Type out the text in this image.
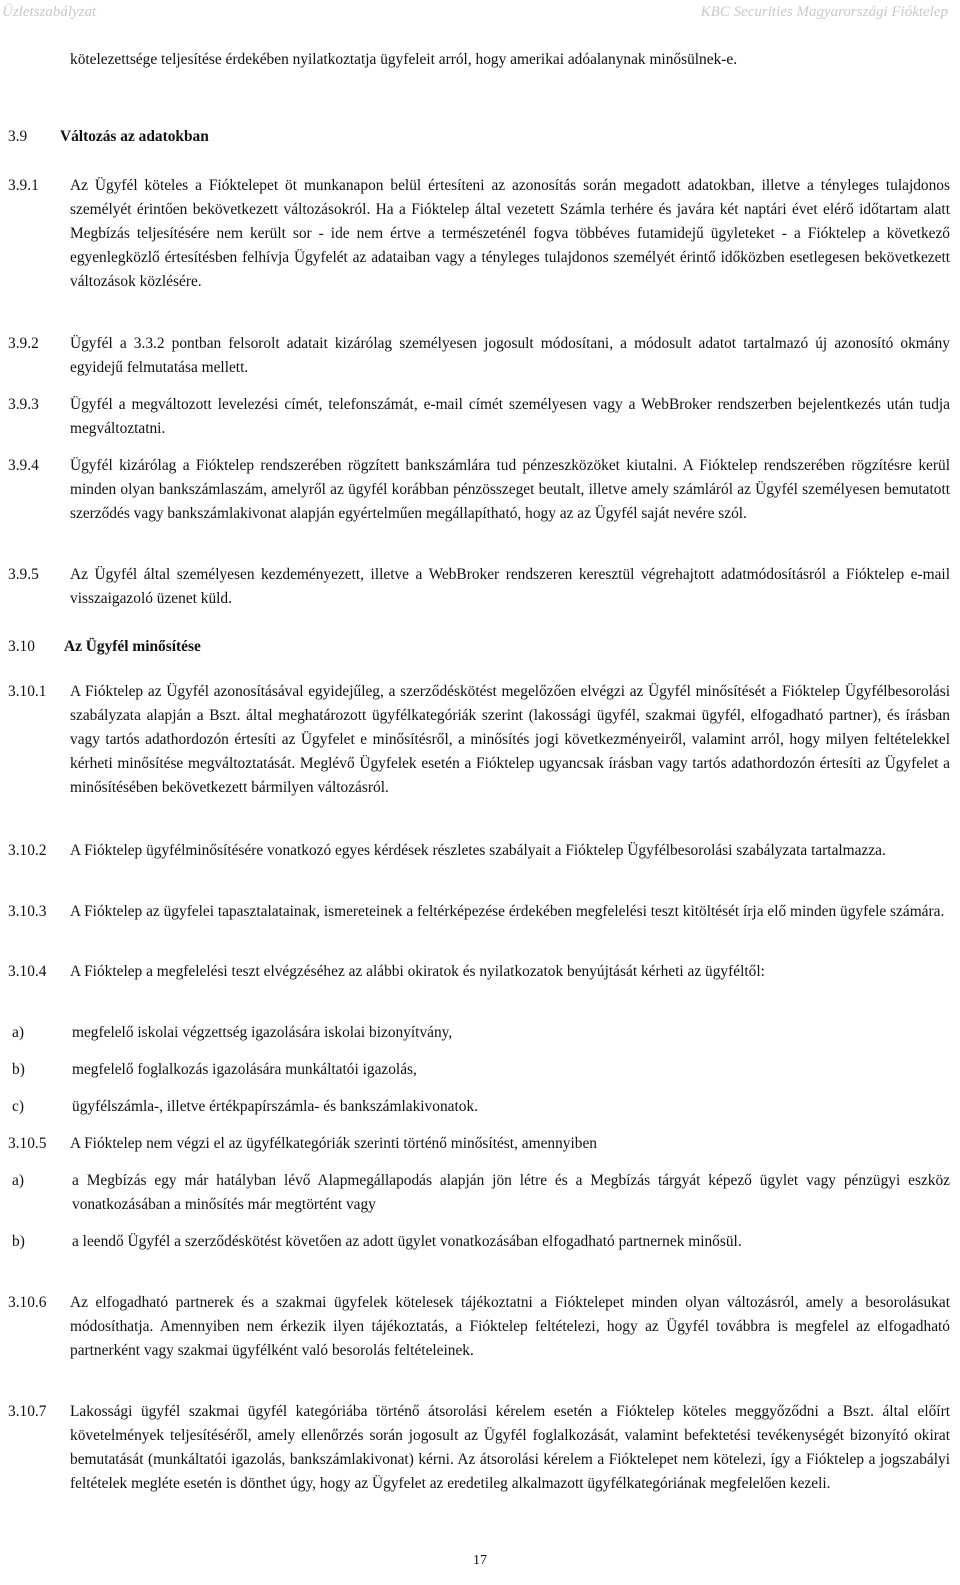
Üzletszabályzat	KBC Securities Magyarországi Fióktelep
kötelezettsége teljesítése érdekében nyilatkoztatja ügyfeleit arról, hogy amerikai adóalanynak minősülnek-e.
3.9 Változás az adatokban
3.9.1 Az Ügyfél köteles a Fióktelepet öt munkanapon belül értesíteni az azonosítás során megadott adatokban, illetve a tényleges tulajdonos személyét érintően bekövetkezett változásokról. Ha a Fióktelep által vezetett Számla terhére és javára két naptári évet elérő időtartam alatt Megbízás teljesítésére nem került sor - ide nem értve a természeténél fogva többéves futamidejű ügyleteket - a Fióktelep a következő egyenlegközlő értesítésben felhívja Ügyfelét az adataiban vagy a tényleges tulajdonos személyét érintő időközben esetlegesen bekövetkezett változások közlésére.
3.9.2 Ügyfél a 3.3.2 pontban felsorolt adatait kizárólag személyesen jogosult módosítani, a módosult adatot tartalmazó új azonosító okmány egyidejű felmutatása mellett.
3.9.3 Ügyfél a megváltozott levelezési címét, telefonszámát, e-mail címét személyesen vagy a WebBroker rendszerben bejelentkezés után tudja megváltoztatni.
3.9.4 Ügyfél kizárólag a Fióktelep rendszerében rögzített bankszámlára tud pénzeszközöket kiutalni. A Fióktelep rendszerében rögzítésre kerül minden olyan bankszámlaszám, amelyről az ügyfél korábban pénzösszeget beutalt, illetve amely számláról az Ügyfél személyesen bemutatott szerződés vagy bankszámlakivonat alapján egyértelműen megállapítható, hogy az az Ügyfél saját nevére szól.
3.9.5 Az Ügyfél által személyesen kezdeményezett, illetve a WebBroker rendszeren keresztül végrehajtott adatmódosításról a Fióktelep e-mail visszaigazoló üzenet küld.
3.10 Az Ügyfél minősítése
3.10.1 A Fióktelep az Ügyfél azonosításával egyidejűleg, a szerződéskötést megelőzően elvégzi az Ügyfél minősítését a Fióktelep Ügyfélbesorolási szabályzata alapján a Bszt. által meghatározott ügyfélkategóriák szerint (lakossági ügyfél, szakmai ügyfél, elfogadható partner), és írásban vagy tartós adathordozón értesíti az Ügyfelet e minősítésről, a minősítés jogi következményeiről, valamint arról, hogy milyen feltételekkel kérheti minősítése megváltoztatását. Meglévő Ügyfelek esetén a Fióktelep ugyancsak írásban vagy tartós adathordozón értesíti az Ügyfelet a minősítésében bekövetkezett bármilyen változásról.
3.10.2 A Fióktelep ügyfélminősítésére vonatkozó egyes kérdések részletes szabályait a Fióktelep Ügyfélbesorolási szabályzata tartalmazza.
3.10.3 A Fióktelep az ügyfelei tapasztalatainak, ismereteinek a feltérképezése érdekében megfelelési teszt kitöltését írja elő minden ügyfele számára.
3.10.4 A Fióktelep a megfelelési teszt elvégzéséhez az alábbi okiratok és nyilatkozatok benyújtását kérheti az ügyféltől:
a)	megfelelő iskolai végzettség igazolására iskolai bizonyítvány,
b)	megfelelő foglalkozás igazolására munkáltatói igazolás,
c)	ügyfélszámla-, illetve értékpapírszámla- és bankszámlakivonatok.
3.10.5 A Fióktelep nem végzi el az ügyfélkategóriák szerinti történő minősítést, amennyiben
a)	a Megbízás egy már hatályban lévő Alapmegállapodás alapján jön létre és a Megbízás tárgyát képező ügylet vagy pénzügyi eszköz vonatkozásában a minősítés már megtörtént vagy
b)	a leendő Ügyfél a szerződéskötést követően az adott ügylet vonatkozásában elfogadható partnernek minősül.
3.10.6 Az elfogadható partnerek és a szakmai ügyfelek kötelesek tájékoztatni a Fióktelepet minden olyan változásról, amely a besorolásukat módosíthatja. Amennyiben nem érkezik ilyen tájékoztatás, a Fióktelep feltételezi, hogy az Ügyfél továbbra is megfelel az elfogadható partnerként vagy szakmai ügyfélként való besorolás feltételeinek.
3.10.7 Lakossági ügyfél szakmai ügyfél kategóriába történő átsorolási kérelem esetén a Fióktelep köteles meggyőződni a Bszt. által előírt követelmények teljesítéséről, amely ellenőrzés során jogosult az Ügyfél foglalkozását, valamint befektetési tevékenységét bizonyító okirat bemutatását (munkáltatói igazolás, bankszámlakivonat) kérni. Az átsorolási kérelem a Fióktelepet nem kötelezi, így a Fióktelep a jogszabályi feltételek megléte esetén is dönthet úgy, hogy az Ügyfelet az eredetileg alkalmazott ügyfélkategóriának megfelelően kezeli.
17
